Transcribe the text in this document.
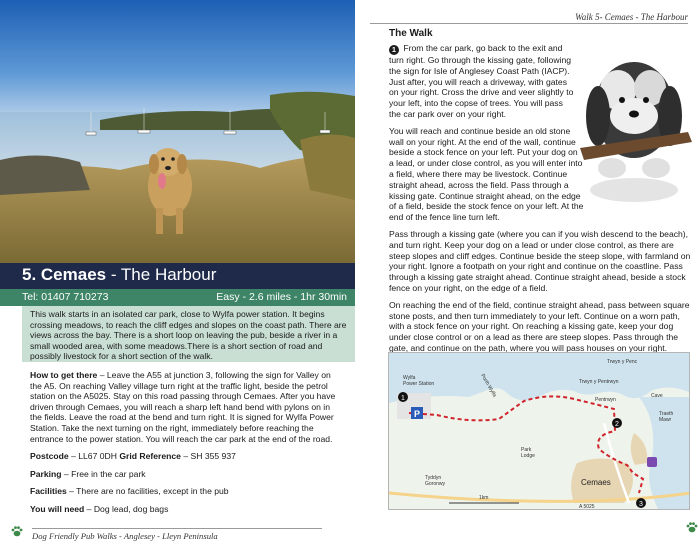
5. Cemaes - The Harbour
Tel: 01407 710273	Easy - 2.6 miles - 1hr 30min
This walk starts in an isolated car park, close to Wylfa power station. It begins crossing meadows, to reach the cliff edges and slopes on the coast path. There are views across the bay. There is a short loop on leaving the pub, beside a river in a small wooded area, with some meadows.There is a short section of road and possibly livestock for a short section of the walk.

How to get there – Leave the A55 at junction 3, following the sign for Valley on the A5. On reaching Valley village turn right at the traffic light, beside the petrol station on the A5025. Stay on this road passing through Cemaes. After you have driven through Cemaes, you will reach a sharp left hand bend with pylons on in the fields. Leave the road at the bend and turn right. It is signed for Wylfa Power Station. Take the next turning on the right, immediately before reaching the entrance to the power station. You will reach the car park at the end of the road.

Postcode – LL67 0DH Grid Reference – SH 355 937

Parking – Free in the car park

Facilities – There are no facilities, except in the pub

You will need – Dog lead, dog bags

Dog Friendly Pub Walks - Anglesey - Lleyn Peninsula
Walk 5- Cemaes - The Harbour
The Walk

1 From the car park, go back to the exit and turn right. Go through the kissing gate, following the sign for Isle of Anglesey Coast Path (IACP). Just after, you will reach a driveway, with gates on your right. Cross the drive and veer slightly to your left, into the copse of trees. You will pass the car park over on your right.

You will reach and continue beside an old stone wall on your right. At the end of the wall, continue beside a stock fence on your left. Put your dog on a lead, or under close control, as you will enter into a field, where there may be livestock. Continue straight ahead, across the field. Pass through a kissing gate. Continue straight ahead, on the edge of a field, beside the stock fence on your left. At the end of the fence line turn left.

Pass through a kissing gate (where you can if you wish descend to the beach), and turn right. Keep your dog on a lead or under close control, as there are steep slopes and cliff edges. Continue beside the steep slope, with farmland on your right. Ignore a footpath on your right and continue on the coastline. Pass through a kissing gate straight ahead. Continue straight ahead, beside a stock fence on your right, on the edge of a field.

On reaching the end of the field, continue straight ahead, pass between square stone posts, and then turn immediately to your left. Continue on a worn path, with a stock fence on your right. On reaching a kissing gate, keep your dog under close control or on a lead as there are steep slopes. Pass through the gate, and continue on the path, where you will pass houses on your right.

1
2
3
P
Wylfa Power Station
Trwyn y Penc
Trwyn y Pentrwyn
Porth Wylfa	Cave
Traeth Mawr
Park Lodge
Tyddyn Goronwy
Pentrwyn
1km
A 5025
Cemaes
